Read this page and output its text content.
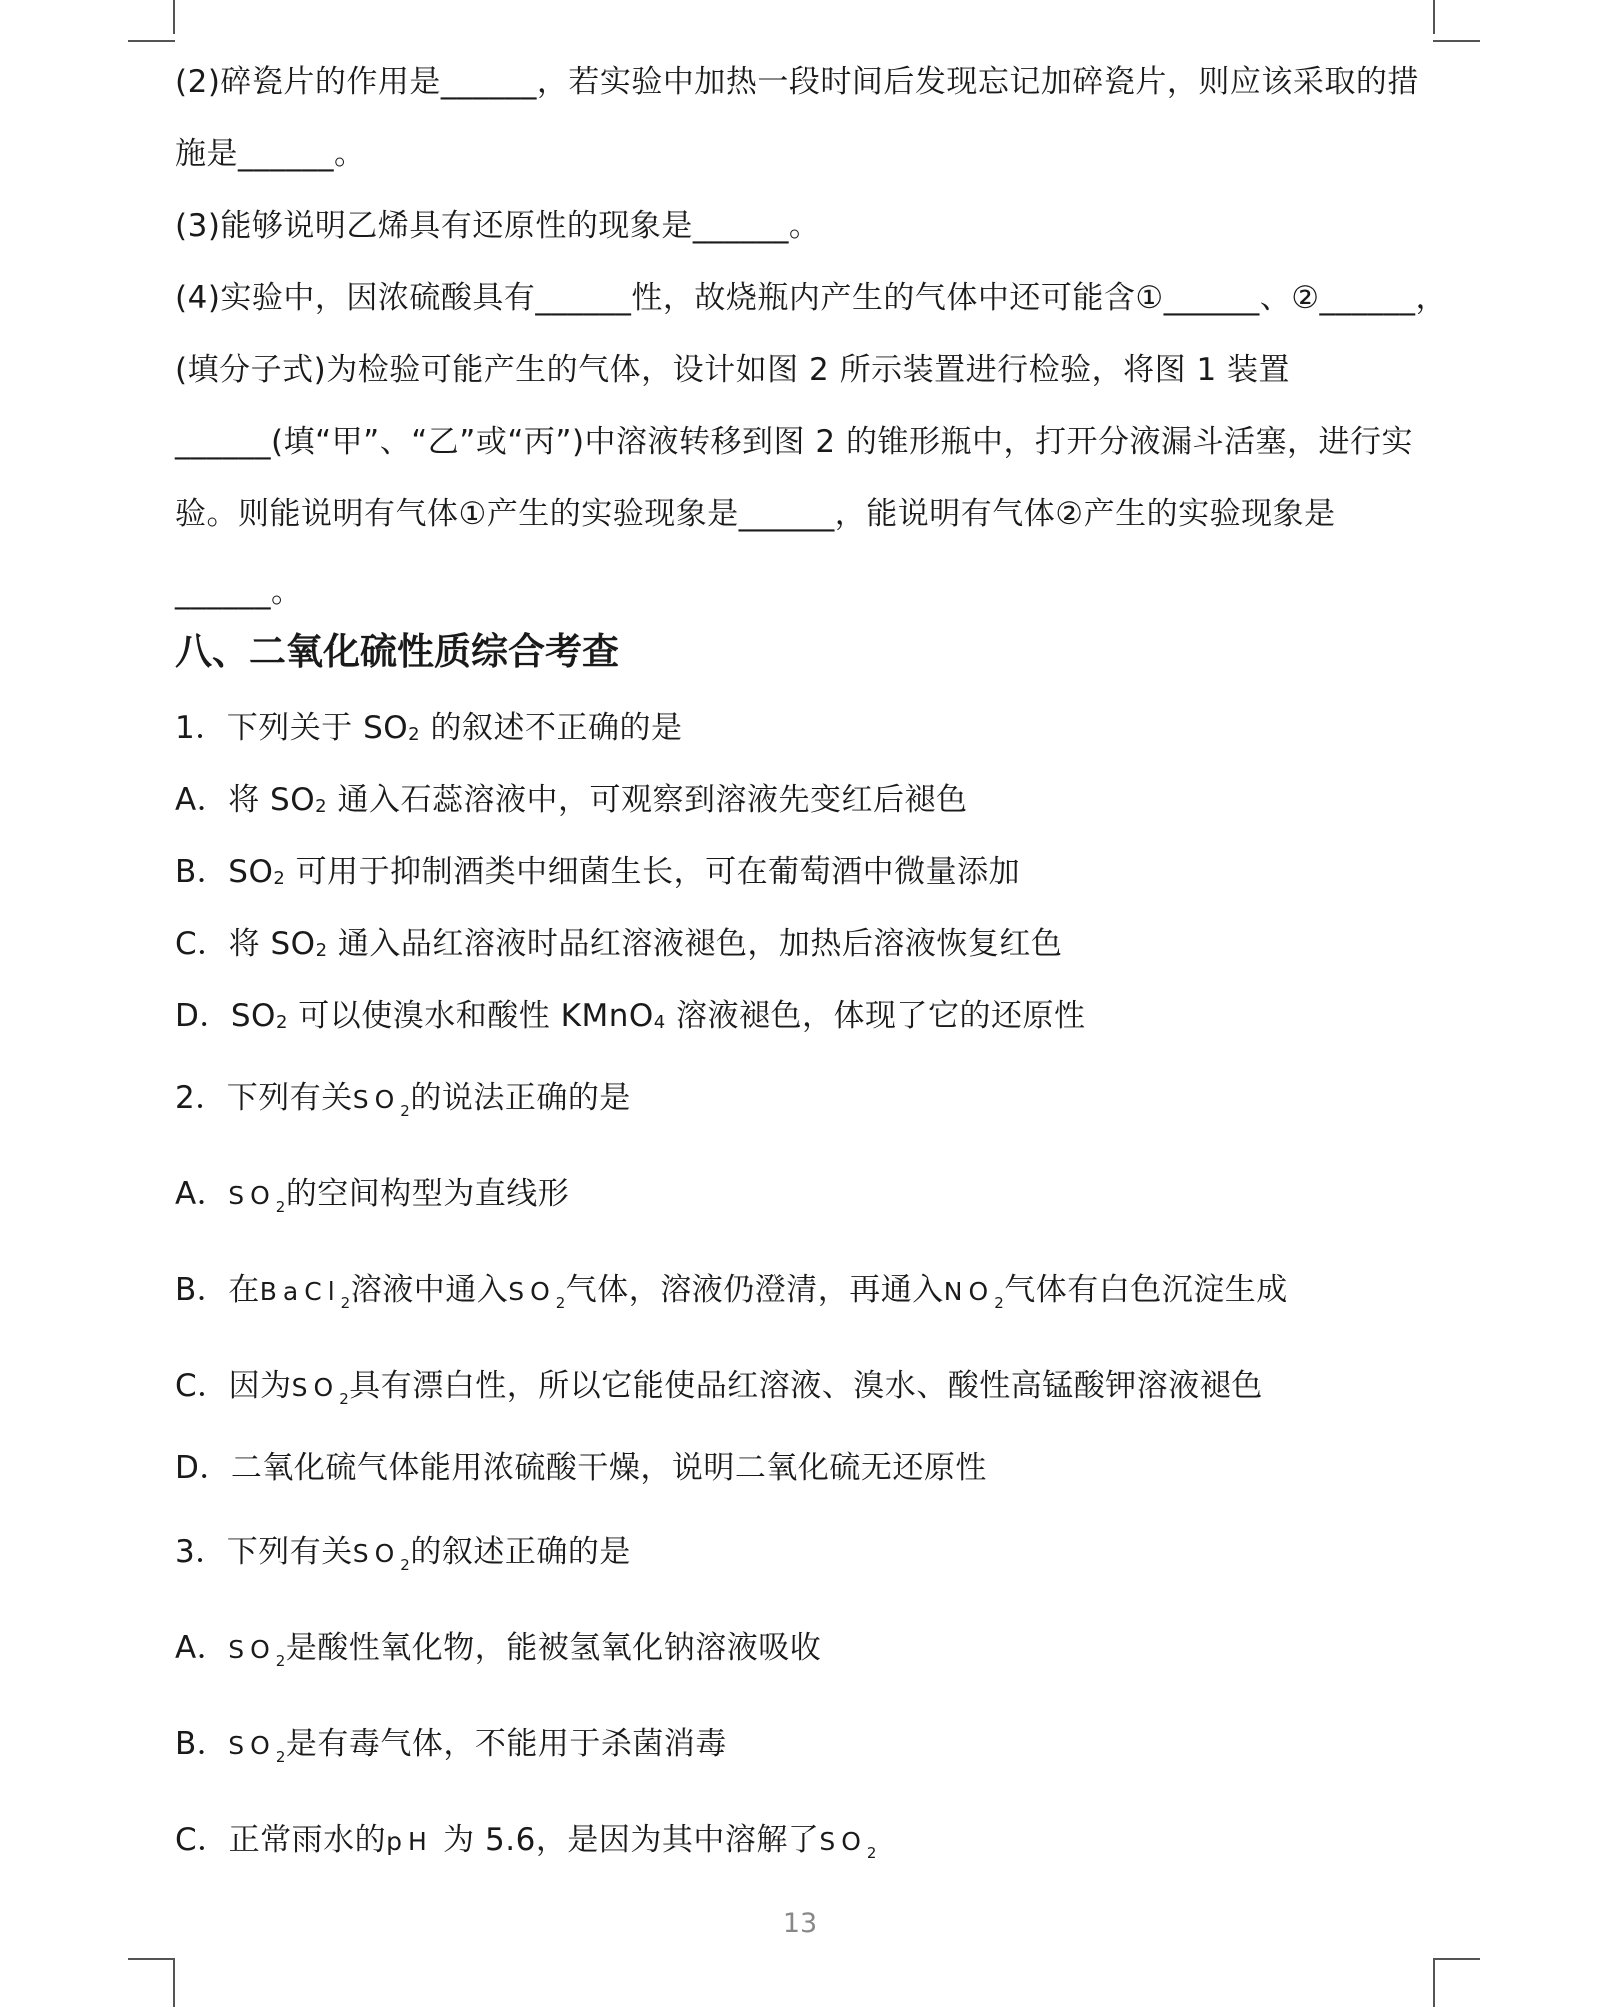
(2)碎瓷片的作用是______，若实验中加热一段时间后发现忘记加碎瓷片，则应该采取的措
施是______。
(3)能够说明乙烯具有还原性的现象是______。
(4)实验中，因浓硫酸具有______性，故烧瓶内产生的气体中还可能含①______、②______，
(填分子式)为检验可能产生的气体，设计如图 2 所示装置进行检验，将图 1 装置
______(填“甲”、“乙”或“丙”)中溶液转移到图 2 的锥形瓶中，打开分液漏斗活塞，进行实
验。则能说明有气体①产生的实验现象是______，能说明有气体②产生的实验现象是
______。
八、二氧化硫性质综合考查
1．下列关于 $SO_2$ 的叙述不正确的是
A．将 $SO_2$ 通入石蕊溶液中，可观察到溶液先变红后褪色
B．$SO_2$ 可用于抑制酒类中细菌生长，可在葡萄酒中微量添加
C．将 $SO_2$ 通入品红溶液时品红溶液褪色，加热后溶液恢复红色
D．$SO_2$ 可以使溴水和酸性 KMnO$_4$ 溶液褪色，体现了它的还原性
2．下列有关$SO_2$的说法正确的是
A．$SO_2$的空间构型为直线形
B．在BaCl$_2$溶液中通入$SO_2$气体，溶液仍澄清，再通入$NO_2$气体有白色沉淀生成
C．因为$SO_2$具有漂白性，所以它能使品红溶液、溴水、酸性高锰酸钾溶液褪色
D．二氧化硫气体能用浓硫酸干燥，说明二氧化硫无还原性
3．下列有关$SO_2$的叙述正确的是
A．$SO_2$是酸性氧化物，能被氢氧化钠溶液吸收
B．$SO_2$是有毒气体，不能用于杀菌消毒
C．正常雨水的pH 为 5.6，是因为其中溶解了$SO_2$
13
